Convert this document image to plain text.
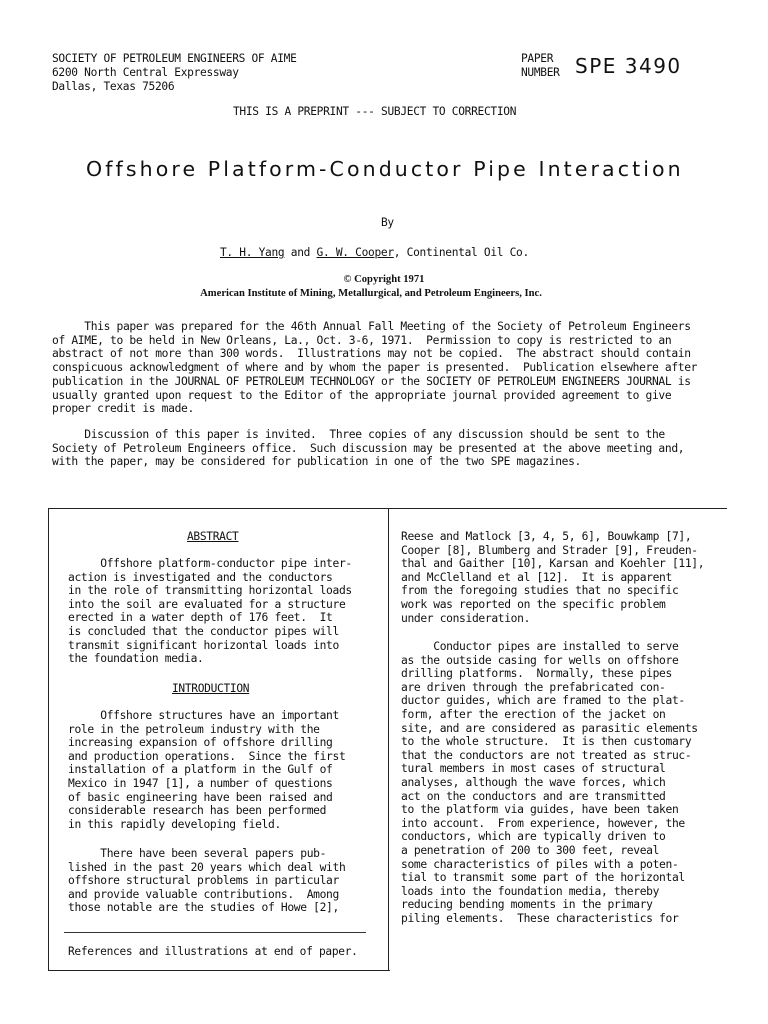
SOCIETY OF PETROLEUM ENGINEERS OF AIME
6200 North Central Expressway
Dallas, Texas 75206
PAPER
NUMBER SPE 3490
THIS IS A PREPRINT --- SUBJECT TO CORRECTION
Offshore Platform-Conductor Pipe Interaction
By
T. H. Yang and G. W. Cooper, Continental Oil Co.
© Copyright 1971
American Institute of Mining, Metallurgical, and Petroleum Engineers, Inc.
This paper was prepared for the 46th Annual Fall Meeting of the Society of Petroleum Engineers
of AIME, to be held in New Orleans, La., Oct. 3-6, 1971.  Permission to copy is restricted to an
abstract of not more than 300 words.  Illustrations may not be copied.  The abstract should contain
conspicuous acknowledgment of where and by whom the paper is presented.  Publication elsewhere after
publication in the JOURNAL OF PETROLEUM TECHNOLOGY or the SOCIETY OF PETROLEUM ENGINEERS JOURNAL is
usually granted upon request to the Editor of the appropriate journal provided agreement to give
proper credit is made.
Discussion of this paper is invited.  Three copies of any discussion should be sent to the
Society of Petroleum Engineers office.  Such discussion may be presented at the above meeting and,
with the paper, may be considered for publication in one of the two SPE magazines.
ABSTRACT
Offshore platform-conductor pipe inter-
action is investigated and the conductors
in the role of transmitting horizontal loads
into the soil are evaluated for a structure
erected in a water depth of 176 feet.  It
is concluded that the conductor pipes will
transmit significant horizontal loads into
the foundation media.
INTRODUCTION
Offshore structures have an important
role in the petroleum industry with the
increasing expansion of offshore drilling
and production operations.  Since the first
installation of a platform in the Gulf of
Mexico in 1947 [1], a number of questions
of basic engineering have been raised and
considerable research has been performed
in this rapidly developing field.
There have been several papers pub-
lished in the past 20 years which deal with
offshore structural problems in particular
and provide valuable contributions.  Among
those notable are the studies of Howe [2],
References and illustrations at end of paper.
Reese and Matlock [3, 4, 5, 6], Bouwkamp [7],
Cooper [8], Blumberg and Strader [9], Freuden-
thal and Gaither [10], Karsan and Koehler [11],
and McClelland et al [12].  It is apparent
from the foregoing studies that no specific
work was reported on the specific problem
under consideration.
Conductor pipes are installed to serve
as the outside casing for wells on offshore
drilling platforms.  Normally, these pipes
are driven through the prefabricated con-
ductor guides, which are framed to the plat-
form, after the erection of the jacket on
site, and are considered as parasitic elements
to the whole structure.  It is then customary
that the conductors are not treated as struc-
tural members in most cases of structural
analyses, although the wave forces, which
act on the conductors and are transmitted
to the platform via guides, have been taken
into account.  From experience, however, the
conductors, which are typically driven to
a penetration of 200 to 300 feet, reveal
some characteristics of piles with a poten-
tial to transmit some part of the horizontal
loads into the foundation media, thereby
reducing bending moments in the primary
piling elements.  These characteristics for
